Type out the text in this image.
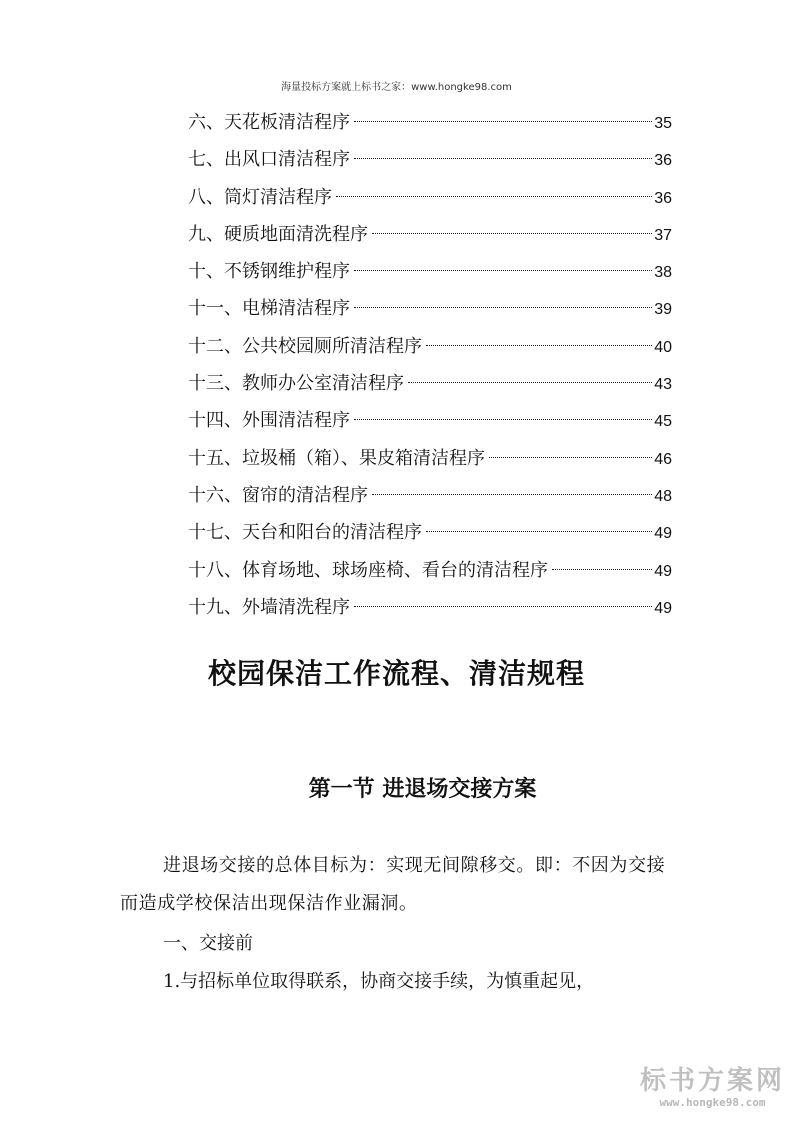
海量投标方案就上标书之家：www.hongke98.com
六、天花板清洁程序	35
七、出风口清洁程序	36
八、筒灯清洁程序	36
九、硬质地面清洗程序	37
十、不锈钢维护程序	38
十一、电梯清洁程序	39
十二、公共校园厕所清洁程序	40
十三、教师办公室清洁程序	43
十四、外围清洁程序	45
十五、垃圾桶（箱）、果皮箱清洁程序	46
十六、窗帘的清洁程序	48
十七、天台和阳台的清洁程序	49
十八、体育场地、球场座椅、看台的清洁程序	49
十九、外墙清洗程序	49
校园保洁工作流程、清洁规程
第一节 进退场交接方案

进退场交接的总体目标为：实现无间隙移交。即：不因为交接而造成学校保洁出现保洁作业漏洞。

一、交接前

1.与招标单位取得联系，协商交接手续，为慎重起见，

标书方案网
www.hongke98.com
